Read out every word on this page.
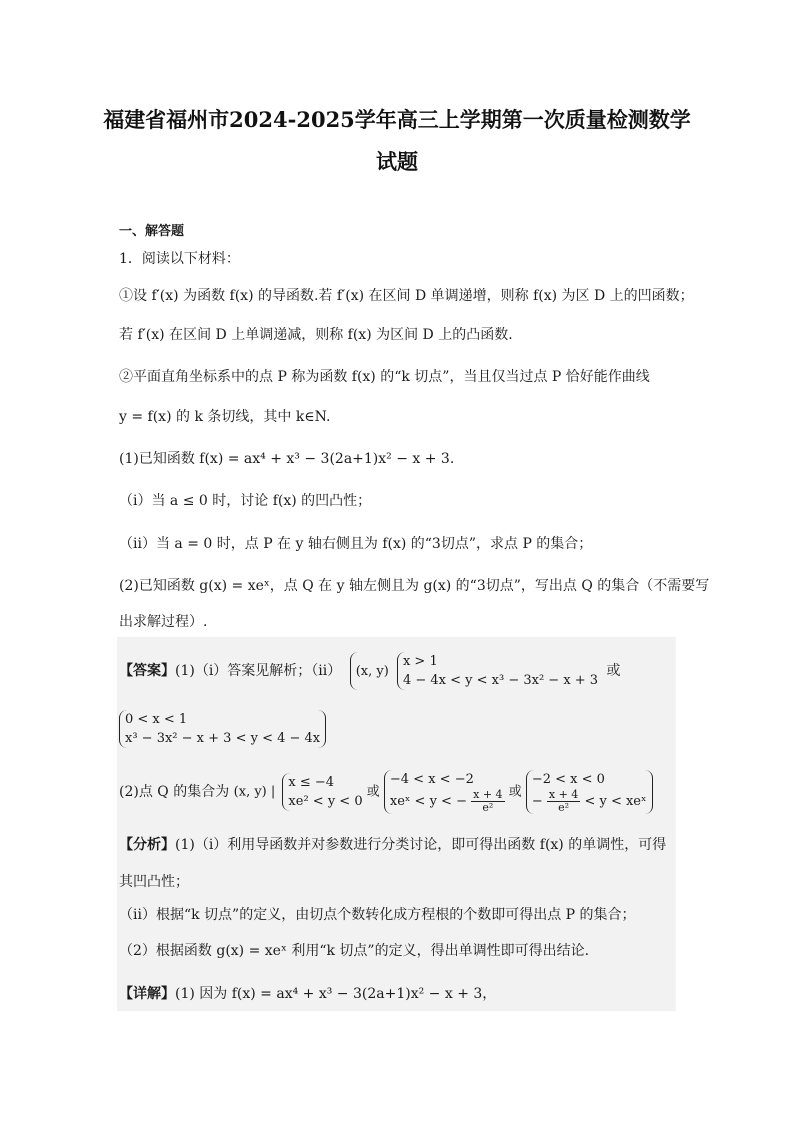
福建省福州市2024-2025学年高三上学期第一次质量检测数学
试题
一、解答题
1．阅读以下材料：
①设 f′(x) 为函数 f(x) 的导函数.若 f′(x) 在区间 D 单调递增，则称 f(x) 为区 D 上的凹函数；
若 f′(x) 在区间 D 上单调递减，则称 f(x) 为区间 D 上的凸函数.
②平面直角坐标系中的点 P 称为函数 f(x) 的“k 切点”，当且仅当过点 P 恰好能作曲线
y = f(x) 的 k 条切线，其中 k∈N.
(1)已知函数 f(x) = ax⁴ + x³ − 3(2a+1)x² − x + 3.
（i）当 a ≤ 0 时，讨论 f(x) 的凹凸性；
（ii）当 a = 0 时，点 P 在 y 轴右侧且为 f(x) 的“3切点”，求点 P 的集合；
(2)已知函数 g(x) = xeˣ，点 Q 在 y 轴左侧且为 g(x) 的“3切点”，写出点 Q 的集合（不需要写
出求解过程）.
【答案】(1)（i）答案见解析；（ii） (x, y)
x > 1
4 − 4x < y < x³ − 3x² − x + 3
或
0 < x < 1
x³ − 3x² − x + 3 < y < 4 − 4x
(2)点 Q 的集合为 (x, y) |
x ≤ −4
xe² < y < 0
或
−4 < x < −2
xeˣ < y < − $\frac{x + 4}{\text{e²}}$ 或
−2 < x < 0
− $\frac{x + 4}{\text{e²}} < y$ < xeˣ
【分析】(1)（i）利用导函数并对参数进行分类讨论，即可得出函数 f(x) 的单调性，可得
其凹凸性；
（ii）根据“k 切点”的定义，由切点个数转化成方程根的个数即可得出点 P 的集合；
（2）根据函数 g(x) = xeˣ 利用“k 切点”的定义，得出单调性即可得出结论.
【详解】(1) 因为 f(x) = ax⁴ + x³ − 3(2a+1)x² − x + 3，
